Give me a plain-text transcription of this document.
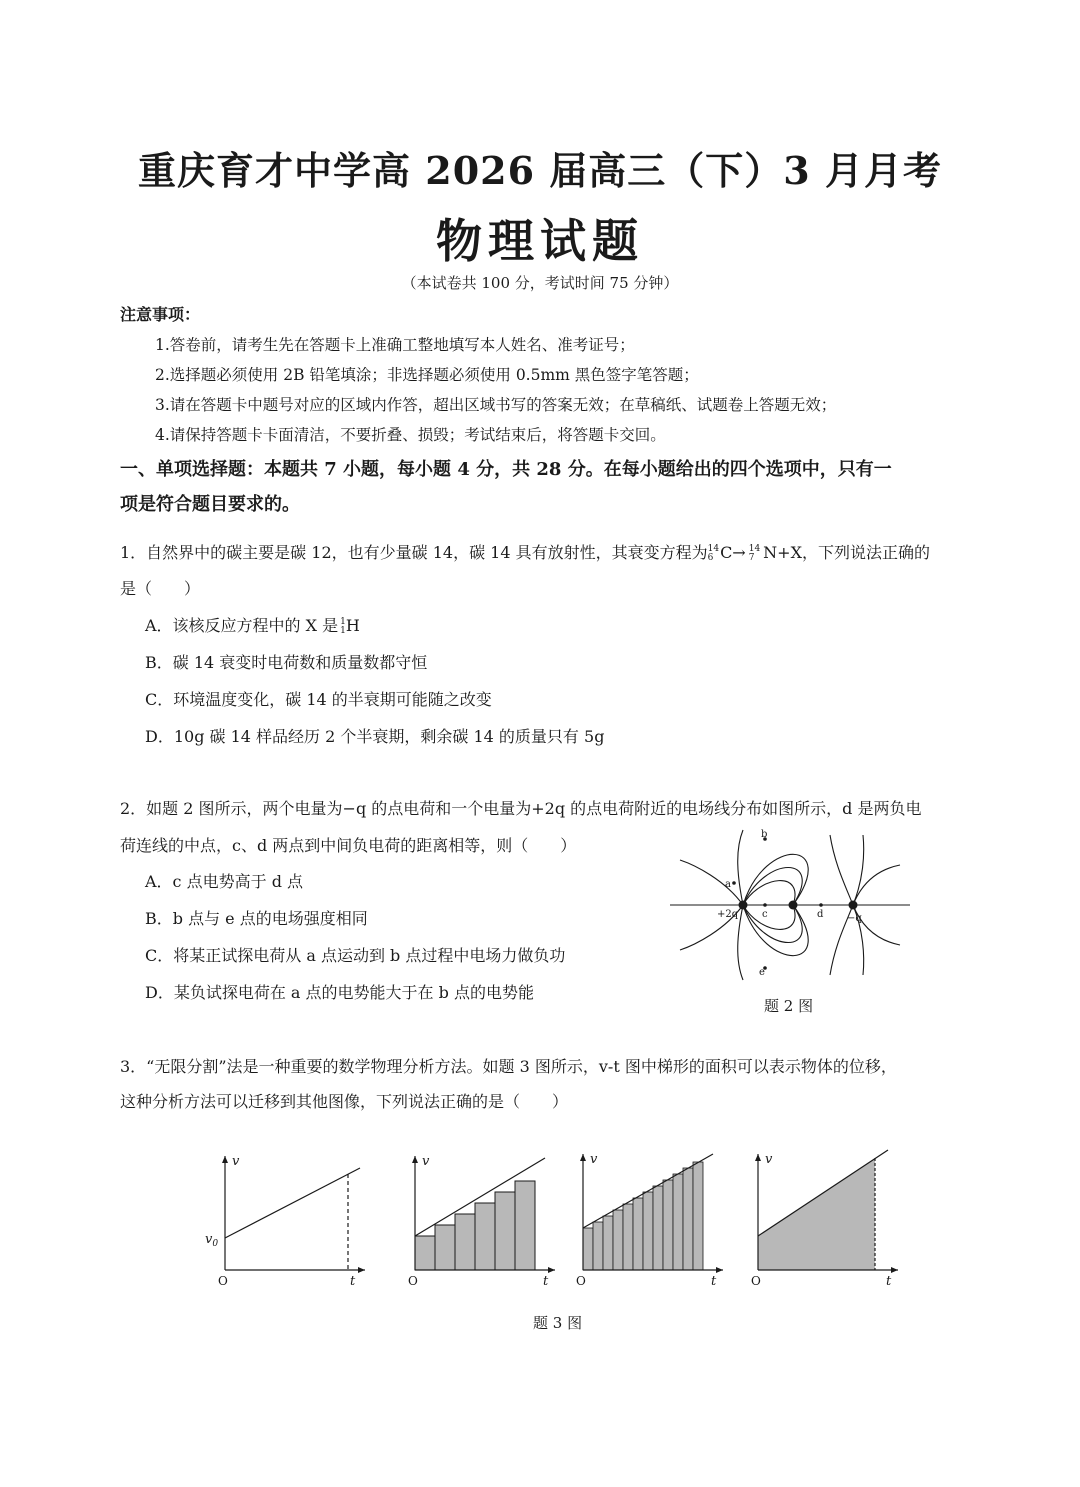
重庆育才中学高 2026 届高三（下）3 月月考
物理试题
（本试卷共 100 分，考试时间 75 分钟）
注意事项：
1.答卷前，请考生先在答题卡上准确工整地填写本人姓名、准考证号；
2.选择题必须使用 2B 铅笔填涂；非选择题必须使用 0.5mm 黑色签字笔答题；
3.请在答题卡中题号对应的区域内作答，超出区域书写的答案无效；在草稿纸、试题卷上答题无效；
4.请保持答题卡卡面清洁，不要折叠、损毁；考试结束后，将答题卡交回。
一、单项选择题：本题共 7 小题，每小题 4 分，共 28 分。在每小题给出的四个选项中，只有一
项是符合题目要求的。
1．自然界中的碳主要是碳 12，也有少量碳 14，碳 14 具有放射性，其衰变方程为 14
6 C→ 14
7 N+X，下列说法正确的
是（　　）
A．该核反应方程中的 X 是 1
1 H
B．碳 14 衰变时电荷数和质量数都守恒
C．环境温度变化，碳 14 的半衰期可能随之改变
D．10g 碳 14 样品经历 2 个半衰期，剩余碳 14 的质量只有 5g
2．如题 2 图所示，两个电量为−q 的点电荷和一个电量为+2q 的点电荷附近的电场线分布如图所示，d 是两负电
荷连线的中点，c、d 两点到中间负电荷的距离相等，则（　　）
A．c 点电势高于 d 点
B．b 点与 e 点的电场强度相同
C．将某正试探电荷从 a 点运动到 b 点过程中电场力做负功
D．某负试探电荷在 a 点的电势能大于在 b 点的电势能
a
b
c	d
e
+2q	−q
题 2 图
3．“无限分割”法是一种重要的数学物理分析方法。如题 3 图所示，v-t 图中梯形的面积可以表示物体的位移，
这种分析方法可以迁移到其他图像，下列说法正确的是（　　）
v
t
$v_0$
O
v
t
O
v
t
O
v
t
O
题 3 图
